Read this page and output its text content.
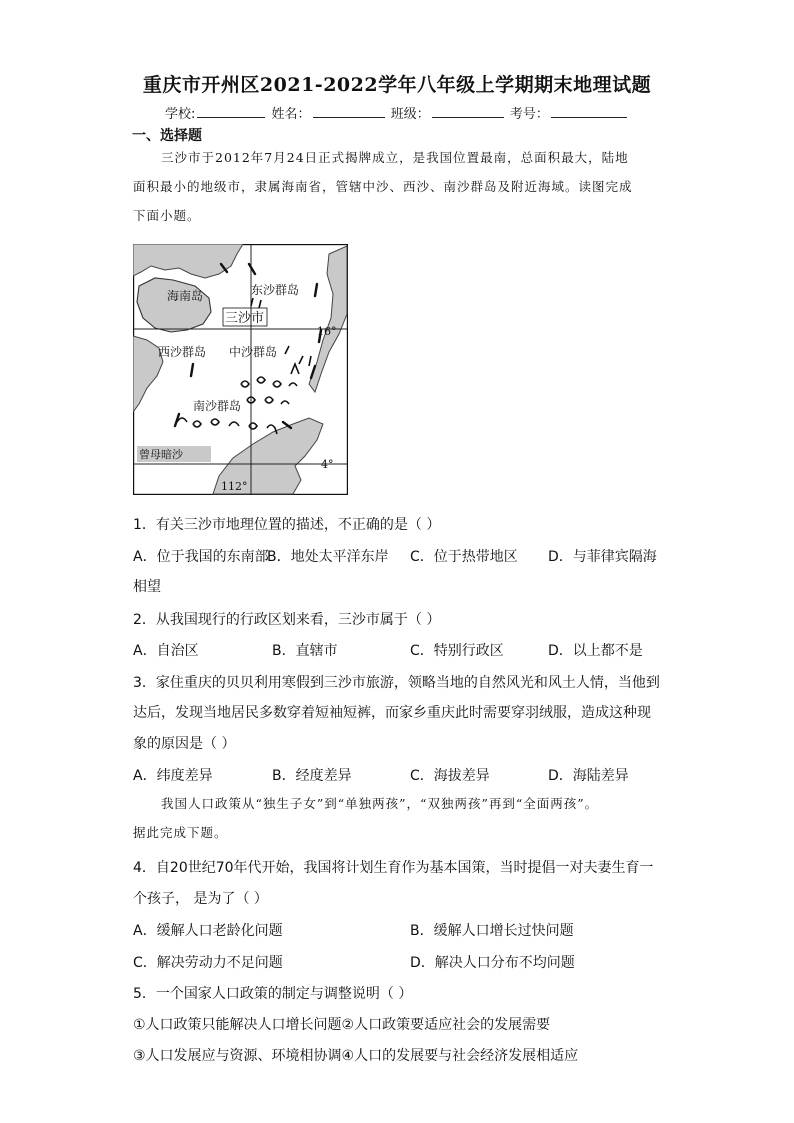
重庆市开州区2021-2022学年八年级上学期期末地理试题
学校:	姓名：	班级：	考号：
一、选择题
三沙市于2012年7月24日正式揭牌成立，是我国位置最南，总面积最大，陆地
面积最小的地级市，隶属海南省，管辖中沙、西沙、南沙群岛及附近海域。读图完成
下面小题。
海南岛	东沙群岛
三沙市
西沙群岛 中沙群岛
南沙群岛
曾母暗沙
16°
4°
112°
1．有关三沙市地理位置的描述，不正确的是（ ）
A．位于我国的东南部
B．地处太平洋东岸 C．位于热带地区 D．与菲律宾隔海
相望
2．从我国现行的行政区划来看，三沙市属于（ ）
A．自治区	B．直辖市	C．特别行政区	D．以上都不是
3．家住重庆的贝贝利用寒假到三沙市旅游，领略当地的自然风光和风土人情，当他到
达后，发现当地居民多数穿着短袖短裤，而家乡重庆此时需要穿羽绒服，造成这种现
象的原因是（ ）
A．纬度差异	B．经度差异	C．海拔差异	D．海陆差异
我国人口政策从“独生子女”到“单独两孩”，“双独两孩”再到“全面两孩”。
据此完成下题。
4．自20世纪70年代开始，我国将计划生育作为基本国策，当时提倡一对夫妻生育一
个孩子， 是为了（ ）
A．缓解人口老龄化问题	B．缓解人口增长过快问题
C．解决劳动力不足问题	D．解决人口分布不均问题
5．一个国家人口政策的制定与调整说明（ ）
①人口政策只能解决人口增长问题②人口政策要适应社会的发展需要
③人口发展应与资源、环境相协调④人口的发展要与社会经济发展相适应
